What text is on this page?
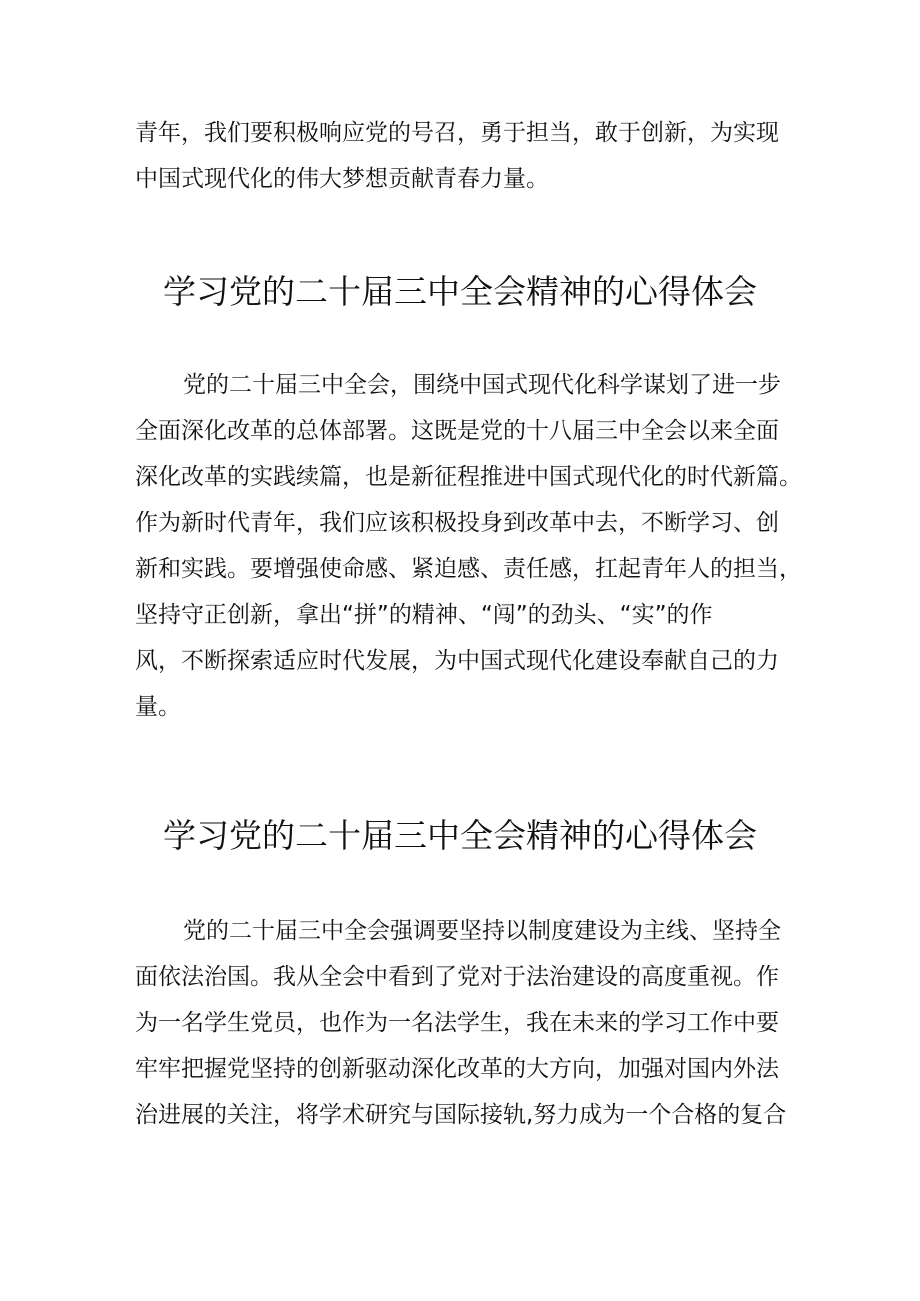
青年，我们要积极响应党的号召，勇于担当，敢于创新，为实现
中国式现代化的伟大梦想贡献青春力量。
学习党的二十届三中全会精神的心得体会
党的二十届三中全会，围绕中国式现代化科学谋划了进一步
全面深化改革的总体部署。这既是党的十八届三中全会以来全面
深化改革的实践续篇，也是新征程推进中国式现代化的时代新篇。
作为新时代青年，我们应该积极投身到改革中去，不断学习、创
新和实践。要增强使命感、紧迫感、责任感，扛起青年人的担当，
坚持守正创新，拿出“拼”的精神、“闯”的劲头、“实”的作
风，不断探索适应时代发展，为中国式现代化建设奉献自己的力
量。
学习党的二十届三中全会精神的心得体会
党的二十届三中全会强调要坚持以制度建设为主线、坚持全
面依法治国。我从全会中看到了党对于法治建设的高度重视。作
为一名学生党员，也作为一名法学生，我在未来的学习工作中要
牢牢把握党坚持的创新驱动深化改革的大方向，加强对国内外法
治进展的关注，将学术研究与国际接轨,努力成为一个合格的复合
